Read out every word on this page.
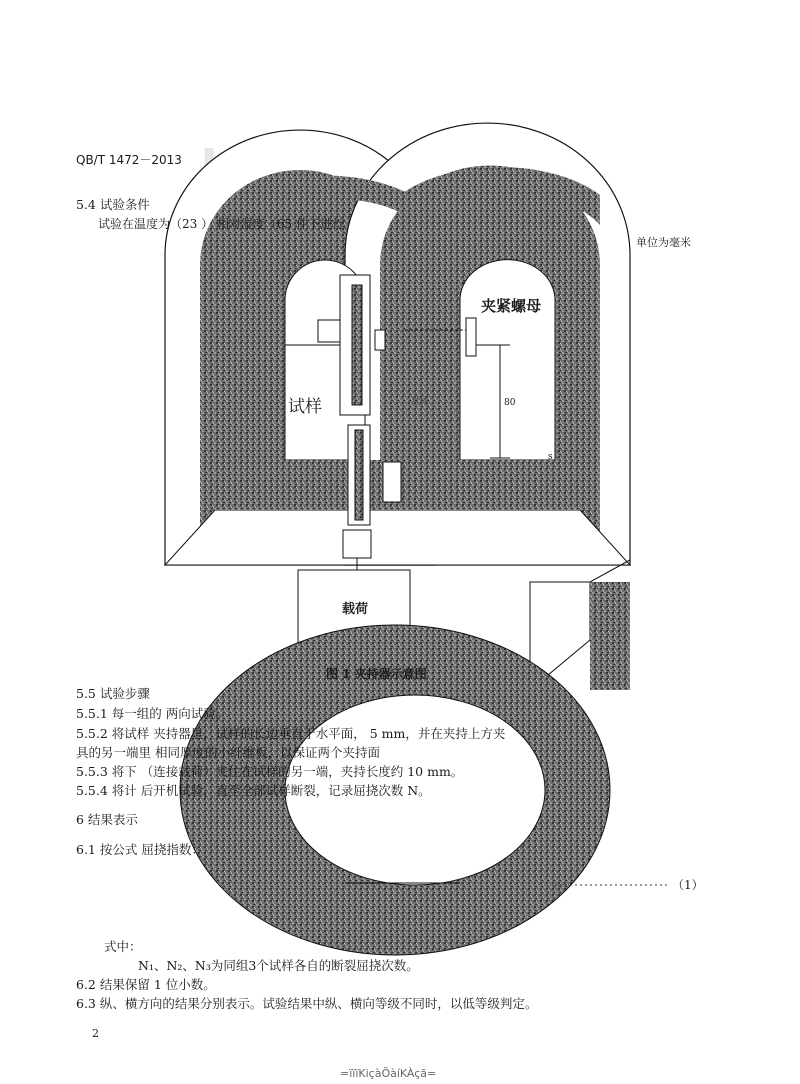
QB/T 1472－2013
5.4 试验条件
试验在温度为（23 ） 相对湿度（65 件下进行。
单位为毫米
夹紧螺母
试样	刀具	80
s
载荷
图 1 夹持器示意图
5.5 试验步骤
5.5.1 每一组的 两向试验。
5.5.2 将试样 夹持器里，试样的长边垂直于水平面， 5 mm，并在夹持上方夹
具的另一端里 相同厚度的小纤维板，以保证两个夹持面
5.5.3 将下 （连接载荷）夹住在试样的另一端，夹持长度约 10 mm。
5.5.4 将计 后开机试验，直至全部试样断裂，记录屈挠次数 N。
6 结果表示
6.1 按公式 屈挠指数：
（1）
式中：
N₁、N₂、N₃为同组3个试样各自的断裂屈挠次数。
6.2 结果保留 1 位小数。
6.3 纵、横方向的结果分别表示。试验结果中纵、横向等级不同时，以低等级判定。
2
=ïïïKiçàÕàíKÀçã=
